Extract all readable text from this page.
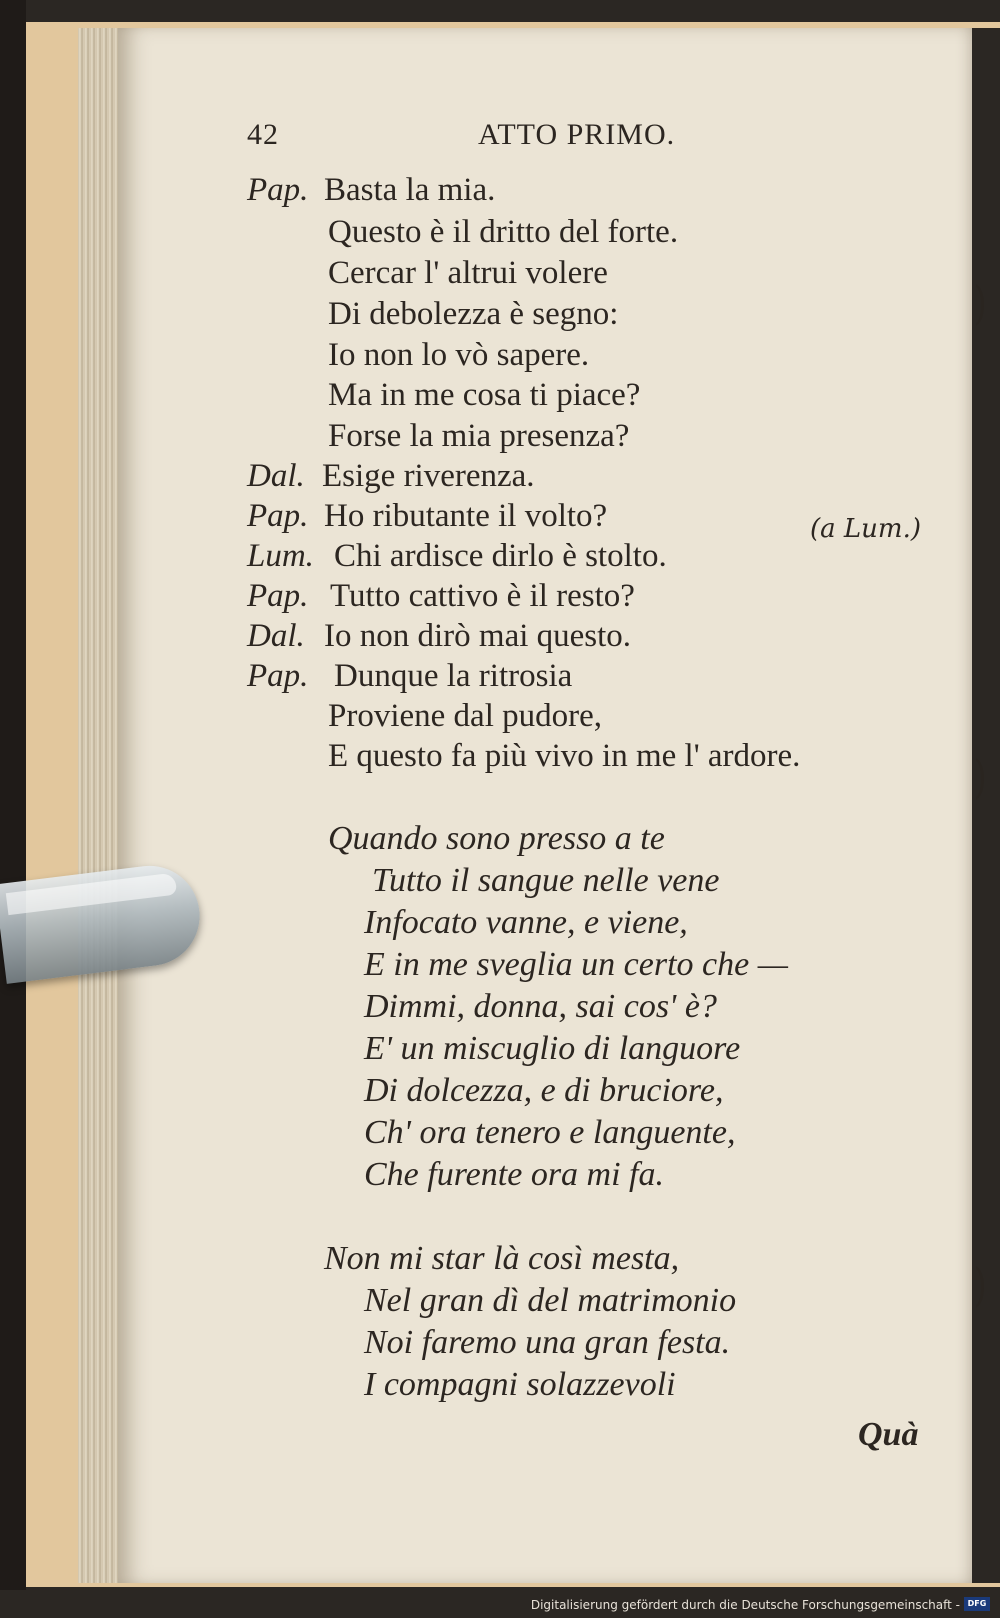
)
)
)
42	ATTO PRIMO.
Pap. Basta la mia.
Questo è il dritto del forte.
Cercar l' altrui volere
Di debolezza è segno:
Io non lo vò sapere.
Ma in me cosa ti piace?
Forse la mia presenza?
Dal. Esige riverenza.
Pap. Ho ributante il volto?	(a Lum.)
Lum. Chi ardisce dirlo è stolto.
Pap. Tutto cattivo è il resto?
Dal. Io non dirò mai questo.
Pap. Dunque la ritrosia
Proviene dal pudore,
E questo fa più vivo in me l' ardore.
Quando sono presso a te
Tutto il sangue nelle vene
Infocato vanne, e viene,
E in me sveglia un certo che —
Dimmi, donna, sai cos' è?
E' un miscuglio di languore
Di dolcezza, e di bruciore,
Ch' ora tenero e languente,
Che furente ora mi fa.
Non mi star là così mesta,
Nel gran dì del matrimonio
Noi faremo una gran festa.
I compagni solazzevoli
Quà
Digitalisierung gefördert durch die Deutsche Forschungsgemeinschaft - DFG
